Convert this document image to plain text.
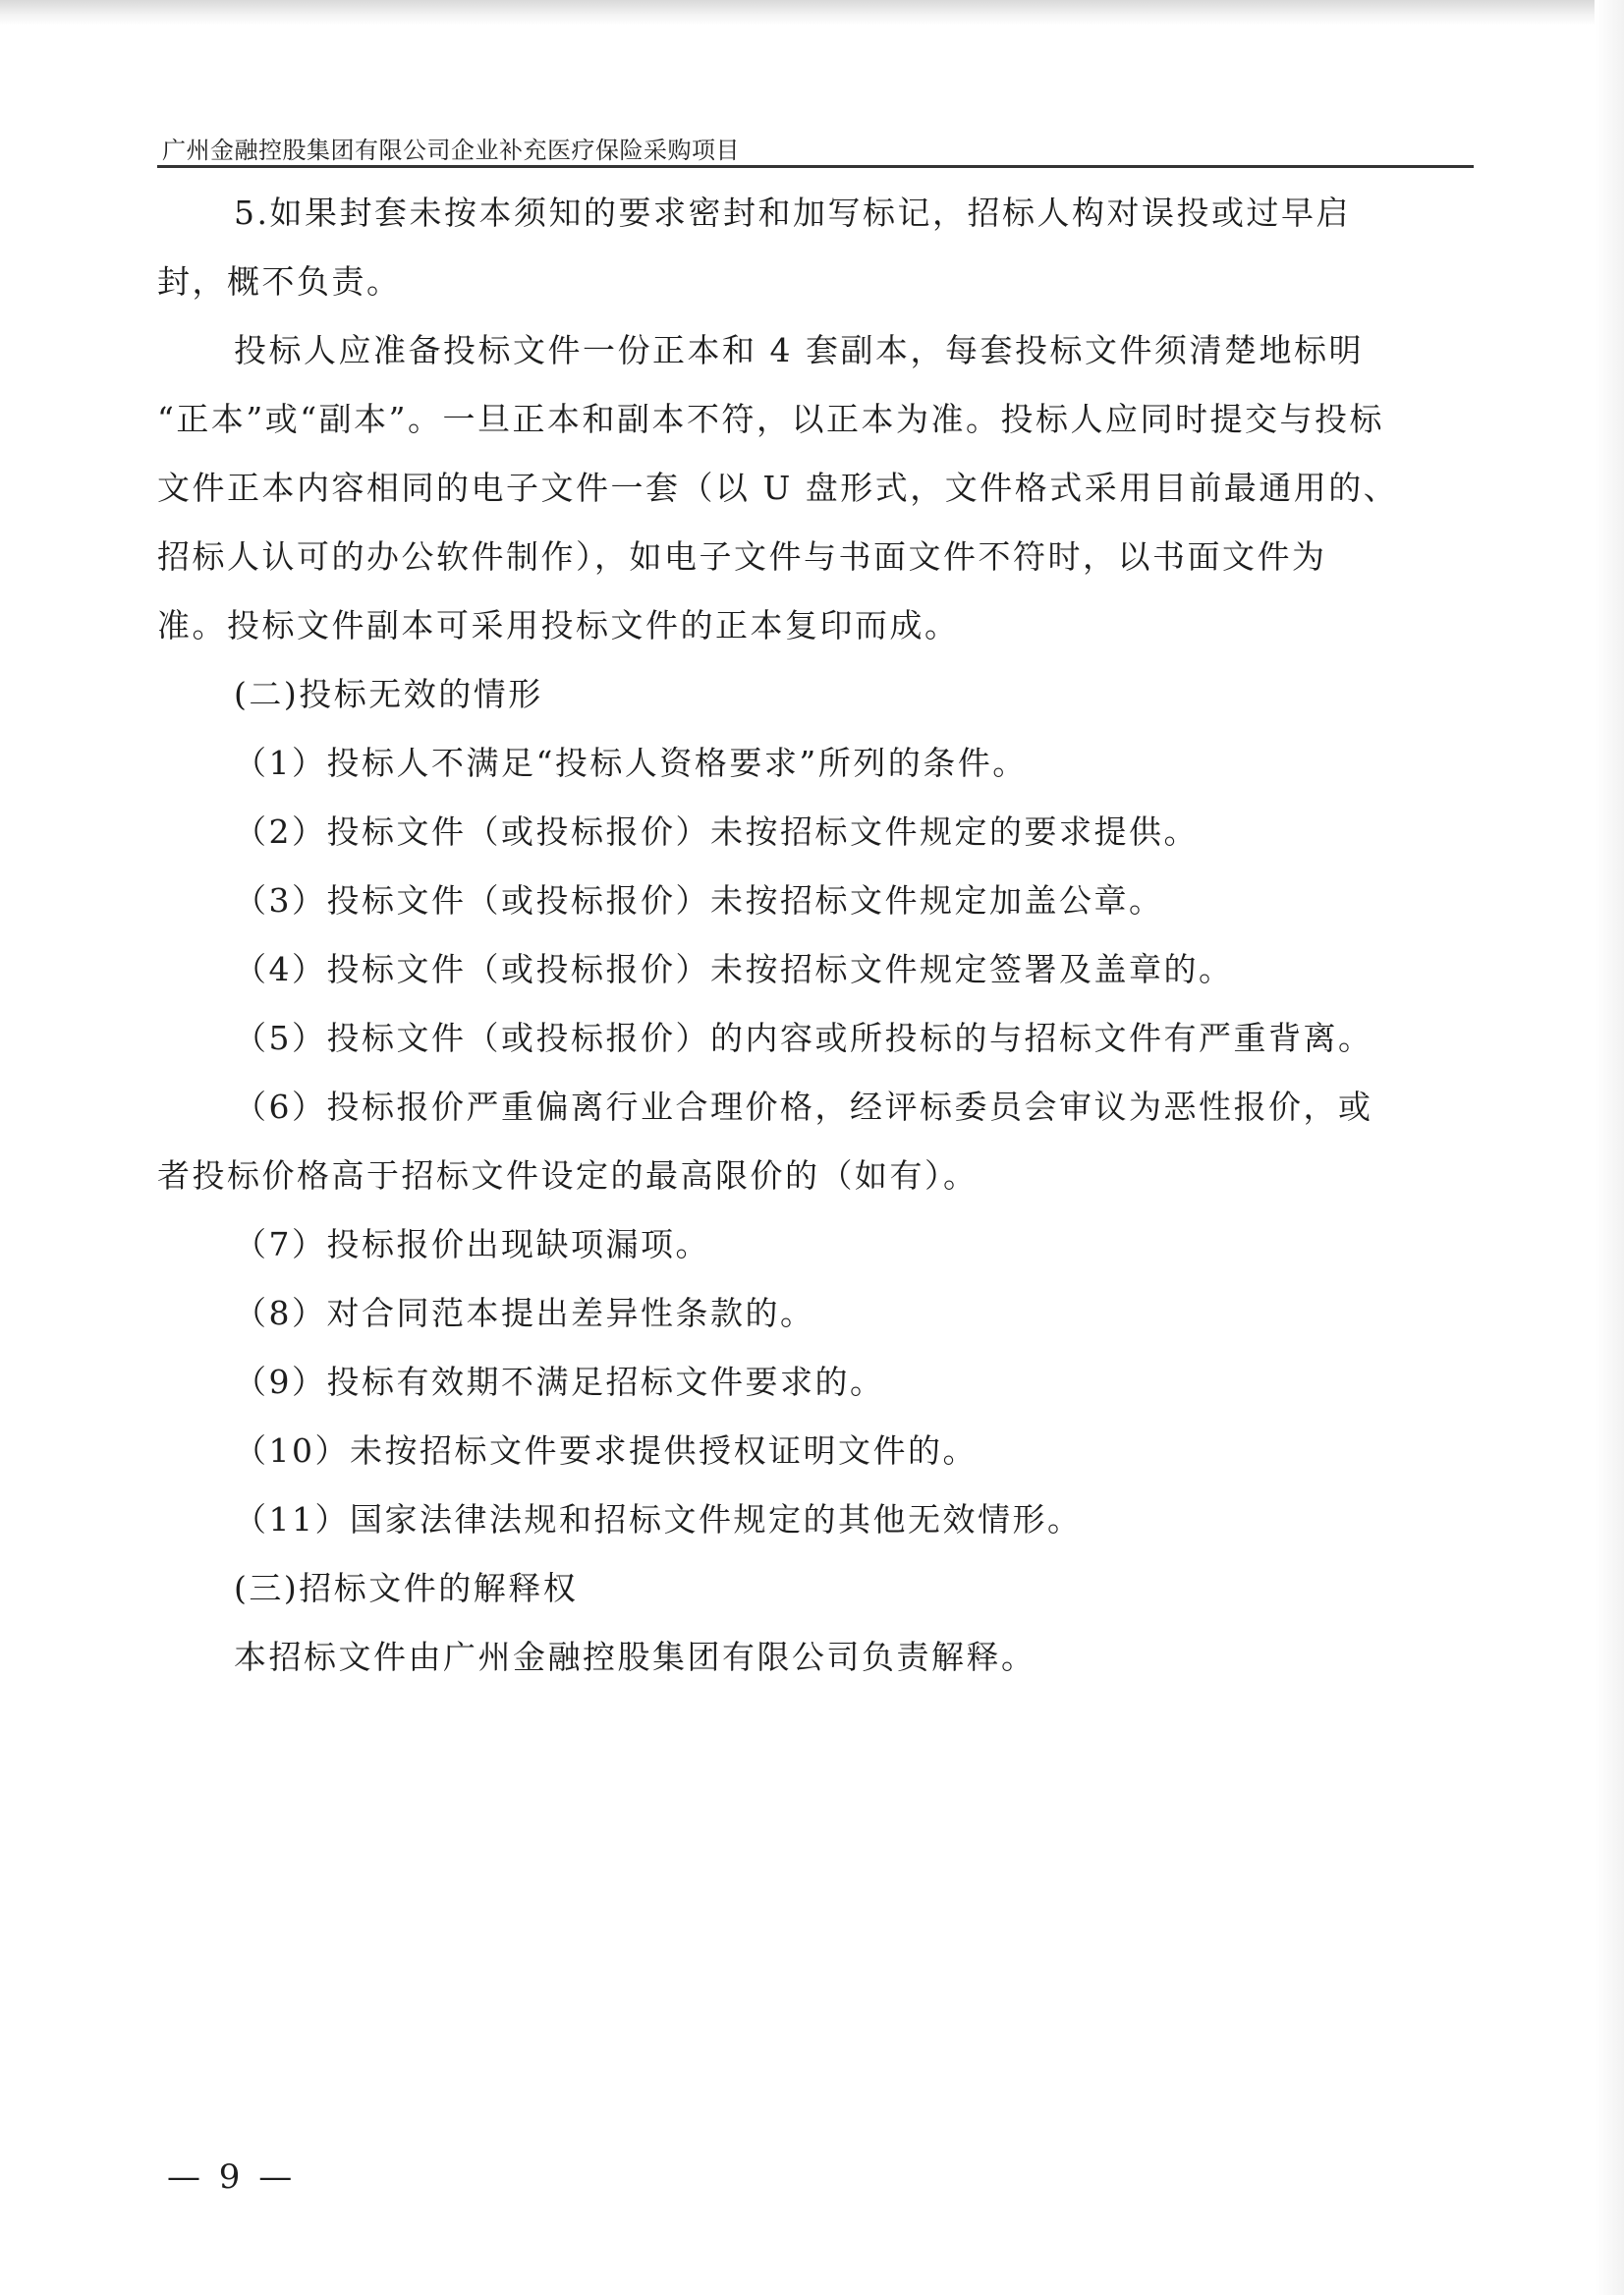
广州金融控股集团有限公司企业补充医疗保险采购项目
5.如果封套未按本须知的要求密封和加写标记，招标人构对误投或过早启
封，概不负责。
投标人应准备投标文件一份正本和 4 套副本，每套投标文件须清楚地标明
“正本”或“副本”。一旦正本和副本不符，以正本为准。投标人应同时提交与投标
文件正本内容相同的电子文件一套（以 U 盘形式，文件格式采用目前最通用的、
招标人认可的办公软件制作），如电子文件与书面文件不符时，以书面文件为
准。投标文件副本可采用投标文件的正本复印而成。
(二)投标无效的情形
（1）投标人不满足“投标人资格要求”所列的条件。
（2）投标文件（或投标报价）未按招标文件规定的要求提供。
（3）投标文件（或投标报价）未按招标文件规定加盖公章。
（4）投标文件（或投标报价）未按招标文件规定签署及盖章的。
（5）投标文件（或投标报价）的内容或所投标的与招标文件有严重背离。
（6）投标报价严重偏离行业合理价格，经评标委员会审议为恶性报价，或
者投标价格高于招标文件设定的最高限价的（如有）。
（7）投标报价出现缺项漏项。
（8）对合同范本提出差异性条款的。
（9）投标有效期不满足招标文件要求的。
（10）未按招标文件要求提供授权证明文件的。
（11）国家法律法规和招标文件规定的其他无效情形。
(三)招标文件的解释权
本招标文件由广州金融控股集团有限公司负责解释。
— 9 —
